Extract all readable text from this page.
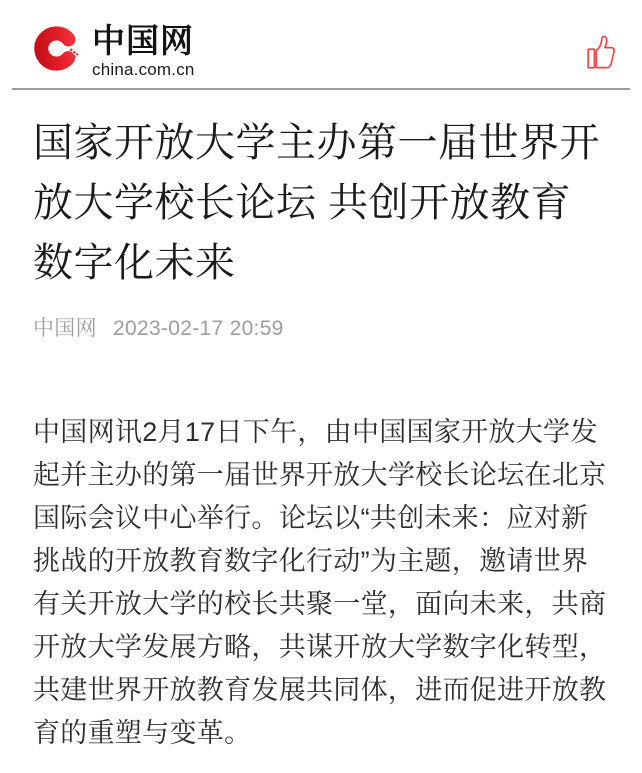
中国网
china.com.cn
国家开放大学主办第一届世界开放大学校长论坛 共创开放教育数字化未来
中国网 2023-02-17 20:59

中国网讯2月17日下午，由中国国家开放大学发起并主办的第一届世界开放大学校长论坛在北京国际会议中心举行。论坛以“共创未来：应对新挑战的开放教育数字化行动”为主题，邀请世界有关开放大学的校长共聚一堂，面向未来，共商开放大学发展方略，共谋开放大学数字化转型，共建世界开放教育发展共同体，进而促进开放教育的重塑与变革。
